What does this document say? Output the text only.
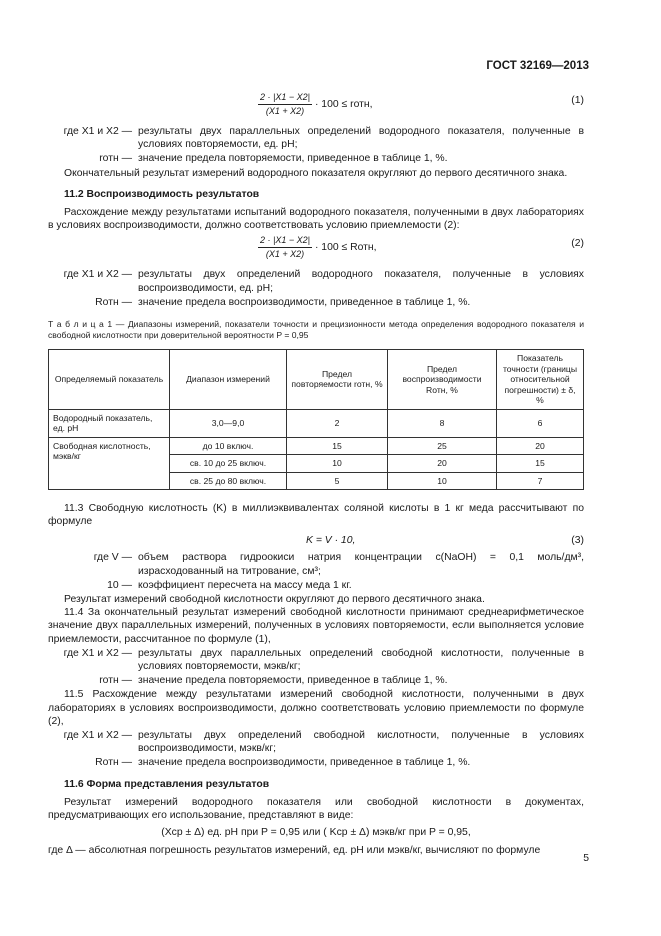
ГОСТ 32169—2013
$\frac{2 \cdot |X1 - X2|}{(X1 + X2)} \cdot 100$ ≤ rотн,	(1)
где X1 и X2 — результаты двух параллельных определений водородного показателя, полученные в условиях повторяемости, ед. рН;
rотн — значение предела повторяемости, приведенное в таблице 1, %.

Окончательный результат измерений водородного показателя округляют до первого десятичного знака.

11.2 Воспроизводимость результатов

Расхождение между результатами испытаний водородного показателя, полученными в двух лабораториях в условиях воспроизводимости, должно соответствовать условию приемлемости (2):

$\frac{2 \cdot |X1 - X2|}{(X1 + X2)} \cdot 100$ ≤ Rотн,	(2)
где X1 и X2 — результаты двух определений водородного показателя, полученные в условиях воспроизводимости, ед. рН;
Rотн — значение предела воспроизводимости, приведенное в таблице 1, %.

Т а б л и ц а 1 — Диапазоны измерений, показатели точности и прецизионности метода определения водородного показателя и свободной кислотности при доверительной вероятности P = 0,95

Определяемый показатель	Диапазон измерений	Предел повторяемости rотн, %	Предел воспроизводимости Rотн, %	Показатель точности (границы относительной погрешности) ± δ, %
Водородный показатель, ед. рН	3,0—9,0	2	8	6
Свободная кислотность, мэкв/кг	до 10 включ.	15	25	20
	св. 10 до 25 включ.	10	20	15
	св. 25 до 80 включ.	5	10	7

11.3 Свободную кислотность (K) в миллиэквивалентах соляной кислоты в 1 кг меда рассчитывают по формуле

K = V · 10,	(3)
где V — объем раствора гидроокиси натрия концентрации c(NaOH) = 0,1 моль/дм³, израсходованный на титрование, см³;
10 — коэффициент пересчета на массу меда 1 кг.

Результат измерений свободной кислотности округляют до первого десятичного знака.

11.4 За окончательный результат измерений свободной кислотности принимают среднеарифметическое значение двух параллельных измерений, полученных в условиях повторяемости, если выполняется условие приемлемости, рассчитанное по формуле (1),

где X1 и X2 — результаты двух параллельных определений свободной кислотности, полученные в условиях повторяемости, мэкв/кг;
rотн — значение предела повторяемости, приведенное в таблице 1, %.

11.5 Расхождение между результатами измерений свободной кислотности, полученными в двух лабораториях в условиях воспроизводимости, должно соответствовать условию приемлемости по формуле (2),

где X1 и X2 — результаты двух определений свободной кислотности, полученные в условиях воспроизводимости, мэкв/кг;
Rотн — значение предела воспроизводимости, приведенное в таблице 1, %.

11.6 Форма представления результатов

Результат измерений водородного показателя или свободной кислотности в документах, предусматривающих его использование, представляют в виде:

(Xср ± Δ) ед. рН при P = 0,95 или ( Kср ± Δ) мэкв/кг при P = 0,95,

где Δ — абсолютная погрешность результатов измерений, ед. рН или мэкв/кг, вычисляют по формуле

5
